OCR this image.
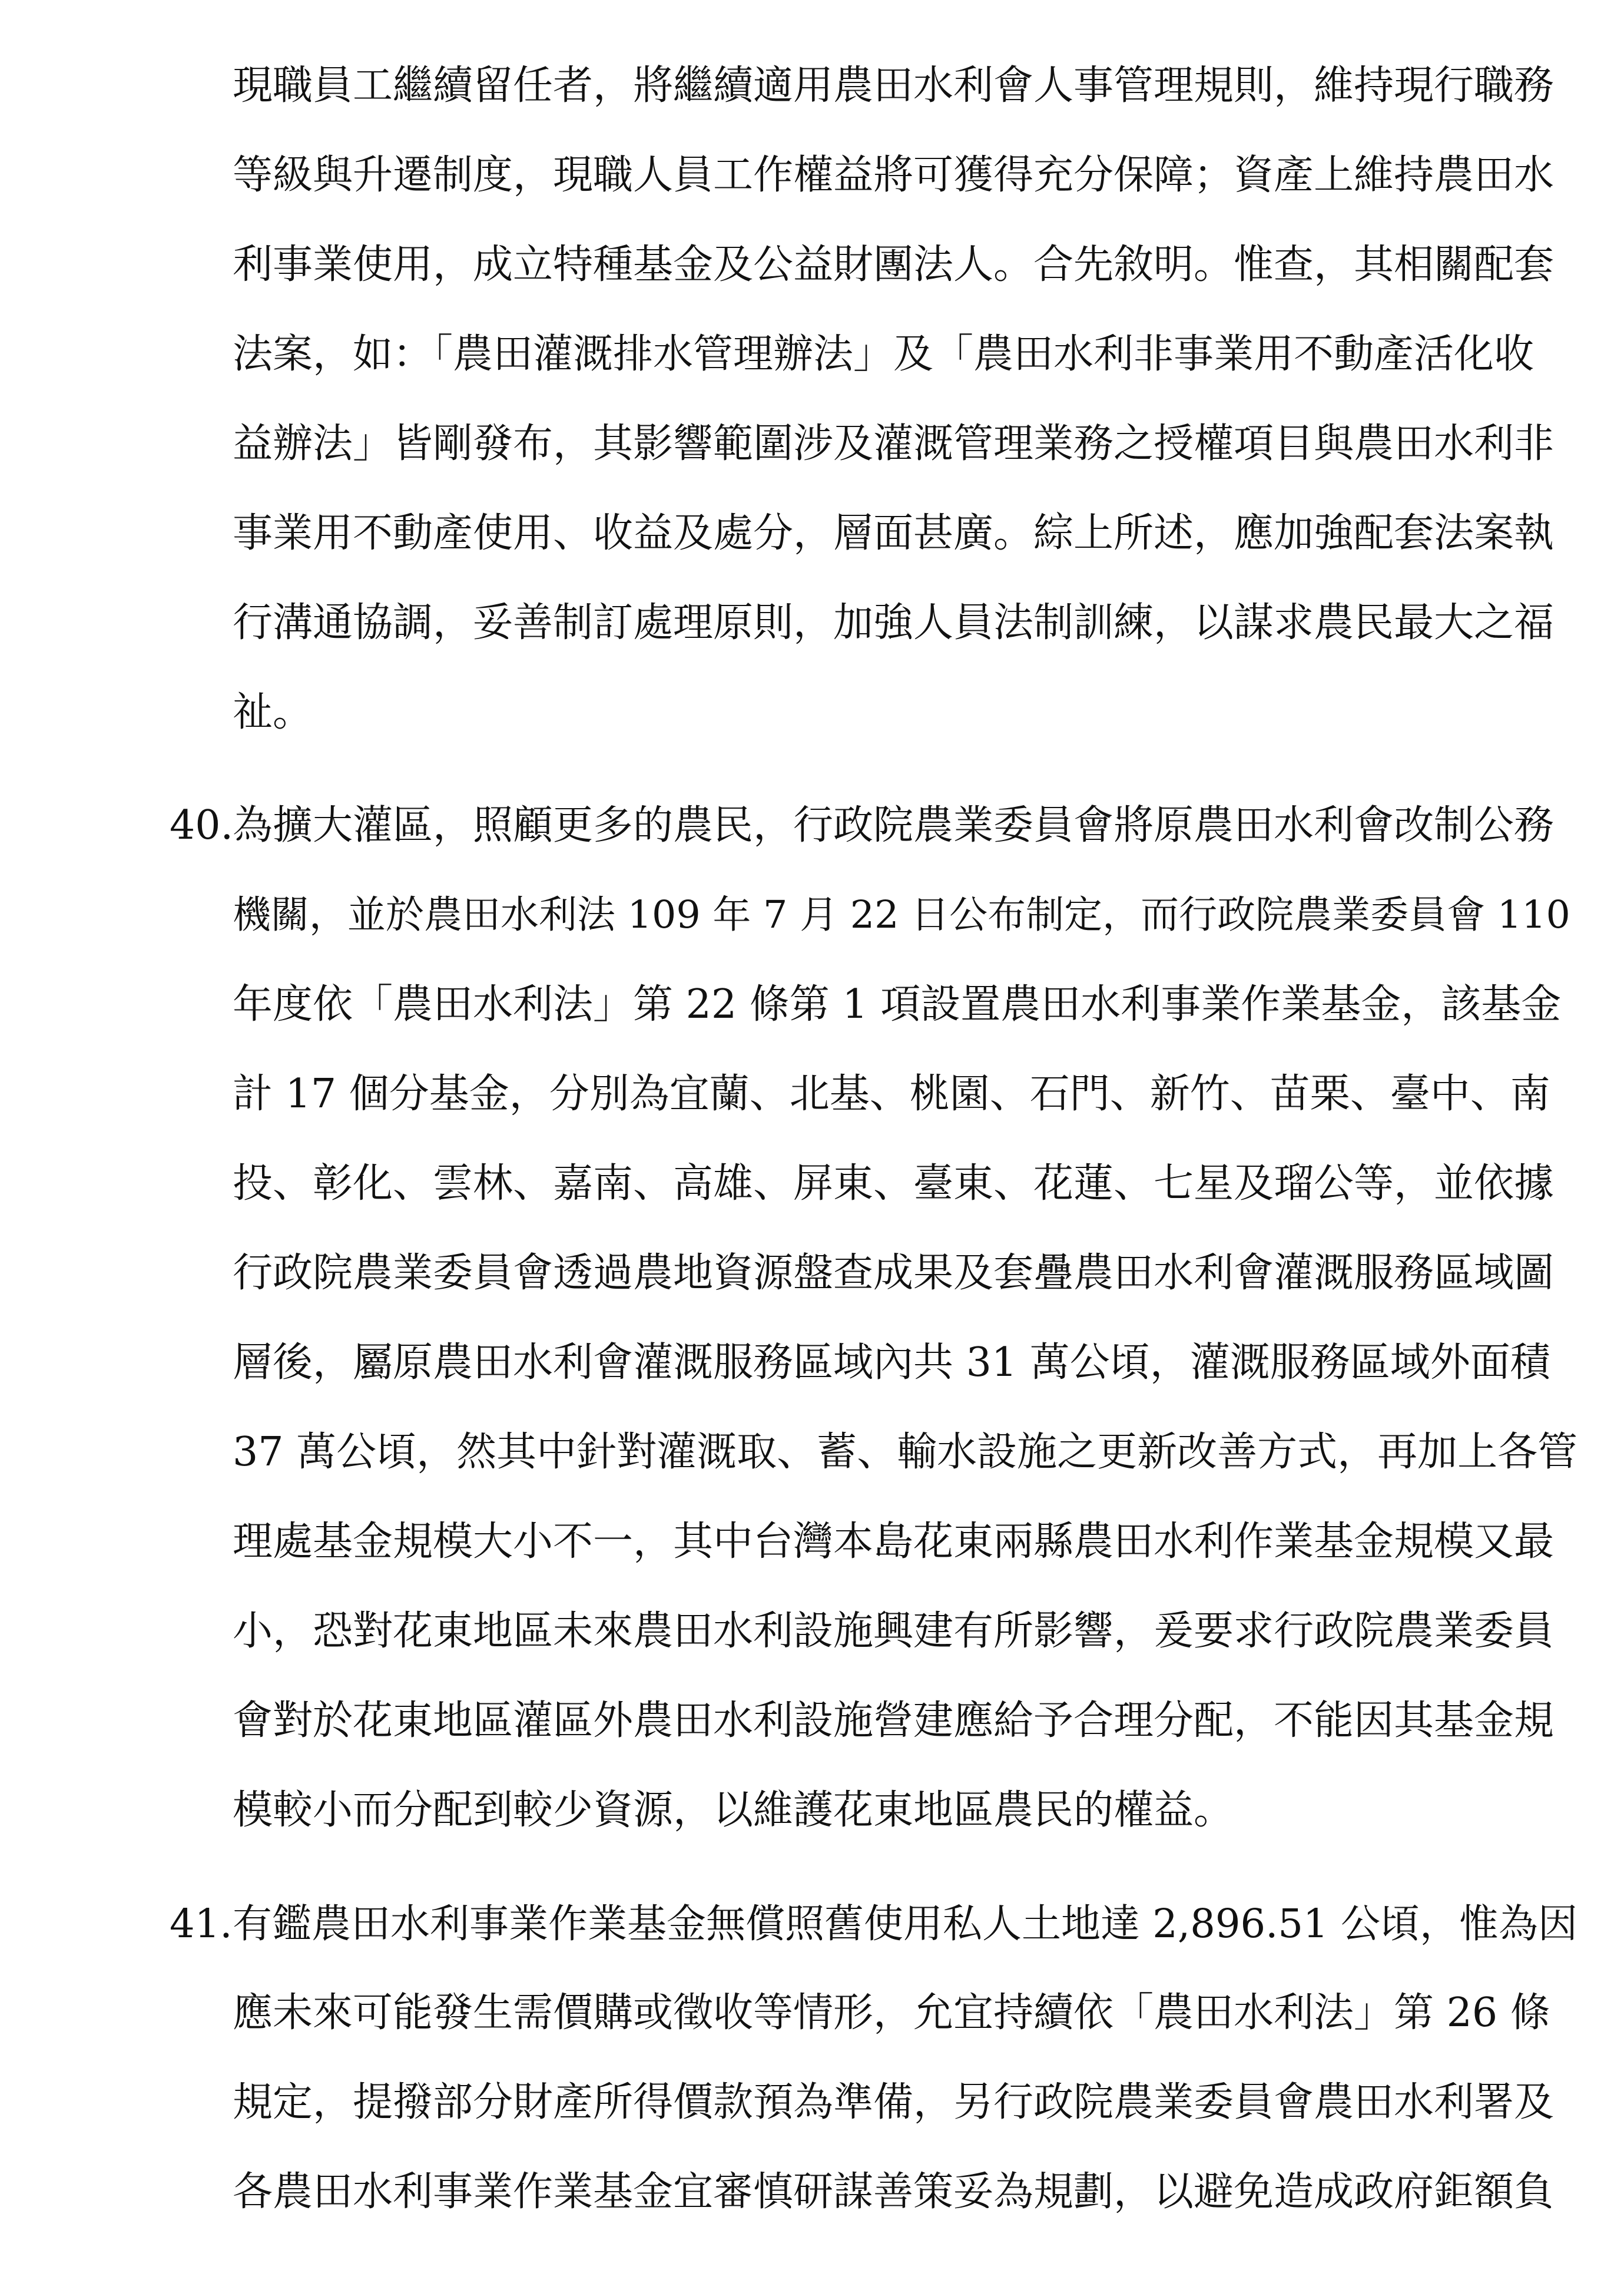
現職員工繼續留任者，將繼續適用農田水利會人事管理規則，維持現行職務
等級與升遷制度，現職人員工作權益將可獲得充分保障；資產上維持農田水
利事業使用，成立特種基金及公益財團法人。合先敘明。惟查，其相關配套
法案，如：「農田灌溉排水管理辦法」及「農田水利非事業用不動產活化收
益辦法」皆剛發布，其影響範圍涉及灌溉管理業務之授權項目與農田水利非
事業用不動產使用、收益及處分，層面甚廣。綜上所述，應加強配套法案執
行溝通協調，妥善制訂處理原則，加強人員法制訓練，以謀求農民最大之福
祉。
40.為擴大灌區，照顧更多的農民，行政院農業委員會將原農田水利會改制公務
機關，並於農田水利法 109 年 7 月 22 日公布制定，而行政院農業委員會 110
年度依「農田水利法」第 22 條第 1 項設置農田水利事業作業基金，該基金
計 17 個分基金，分別為宜蘭、北基、桃園、石門、新竹、苗栗、臺中、南
投、彰化、雲林、嘉南、高雄、屏東、臺東、花蓮、七星及瑠公等，並依據
行政院農業委員會透過農地資源盤查成果及套疊農田水利會灌溉服務區域圖
層後，屬原農田水利會灌溉服務區域內共 31 萬公頃，灌溉服務區域外面積
37 萬公頃，然其中針對灌溉取、蓄、輸水設施之更新改善方式，再加上各管
理處基金規模大小不一，其中台灣本島花東兩縣農田水利作業基金規模又最
小，恐對花東地區未來農田水利設施興建有所影響，爰要求行政院農業委員
會對於花東地區灌區外農田水利設施營建應給予合理分配，不能因其基金規
模較小而分配到較少資源，以維護花東地區農民的權益。
41.有鑑農田水利事業作業基金無償照舊使用私人土地達 2,896.51 公頃，惟為因
應未來可能發生需價購或徵收等情形，允宜持續依「農田水利法」第 26 條
規定，提撥部分財產所得價款預為準備，另行政院農業委員會農田水利署及
各農田水利事業作業基金宜審慎研謀善策妥為規劃，以避免造成政府鉅額負
